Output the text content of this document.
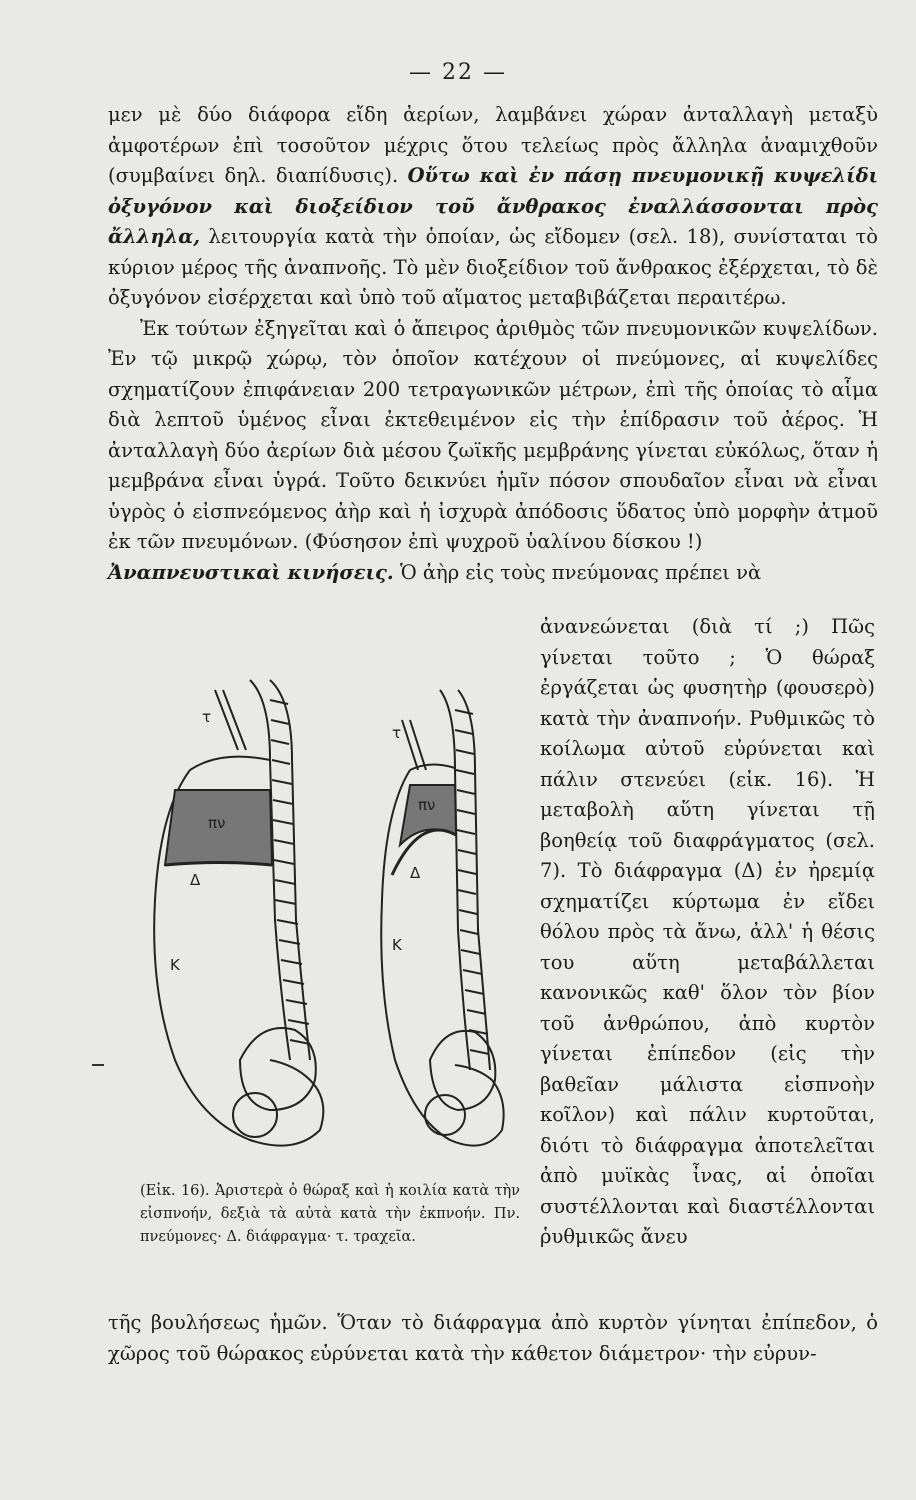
— 22 —

μεν μὲ δύο διάφορα εἴδη ἀερίων, λαμβάνει χώραν ἀνταλλαγὴ μεταξὺ ἀμφοτέρων ἐπὶ τοσοῦτον μέχρις ὅτου τελείως πρὸς ἄλληλα ἀναμιχθοῦν (συμβαίνει δηλ. διαπίδυσις). Οὕτω καὶ ἐν πάσῃ πνευμονικῇ κυψελίδι ὀξυγόνον καὶ διοξείδιον τοῦ ἄνθρακος ἐναλλάσσονται πρὸς ἄλληλα, λειτουργία κατὰ τὴν ὁποίαν, ὡς εἴδομεν (σελ. 18), συνίσταται τὸ κύριον μέρος τῆς ἀναπνοῆς. Τὸ μὲν διοξείδιον τοῦ ἄνθρακος ἐξέρχεται, τὸ δὲ ὀξυγόνον εἰσέρχεται καὶ ὑπὸ τοῦ αἵματος μεταβιβάζεται περαιτέρω.

Ἐκ τούτων ἐξηγεῖται καὶ ὁ ἄπειρος ἀριθμὸς τῶν πνευμονικῶν κυψελίδων. Ἐν τῷ μικρῷ χώρῳ, τὸν ὁποῖον κατέχουν οἱ πνεύμονες, αἱ κυψελίδες σχηματίζουν ἐπιφάνειαν 200 τετραγωνικῶν μέτρων, ἐπὶ τῆς ὁποίας τὸ αἷμα διὰ λεπτοῦ ὑμένος εἶναι ἐκτεθειμένον εἰς τὴν ἐπίδρασιν τοῦ ἀέρος. Ἡ ἀνταλλαγὴ δύο ἀερίων διὰ μέσου ζωϊκῆς μεμβράνης γίνεται εὐκόλως, ὅταν ἡ μεμβράνα εἶναι ὑγρά. Τοῦτο δεικνύει ἡμῖν πόσον σπουδαῖον εἶναι νὰ εἶναι ὑγρὸς ὁ εἰσπνεόμενος ἀὴρ καὶ ἡ ἰσχυρὰ ἀπόδοσις ὕδατος ὑπὸ μορφὴν ἀτμοῦ ἐκ τῶν πνευμόνων. (Φύσησον ἐπὶ ψυχροῦ ὑαλίνου δίσκου !)

Ἀναπνευστικαὶ κινήσεις. Ὁ ἀὴρ εἰς τοὺς πνεύμονας πρέπει νὰ

τ
πν
Δ
Κ
τ
πν
Δ
Κ
ἀνανεώνεται (διὰ τί ;) Πῶς γίνεται τοῦτο ; Ὁ θώραξ ἐργάζεται ὡς φυσητὴρ (φουσερὸ) κατὰ τὴν ἀναπνοήν. Ρυθμικῶς τὸ κοίλωμα αὐτοῦ εὐρύνεται καὶ πάλιν στενεύει (εἰκ. 16). Ἡ μεταβολὴ αὕτη γίνεται τῇ βοηθείᾳ τοῦ διαφράγματος (σελ. 7). Τὸ διάφραγμα (Δ) ἐν ἠρεμίᾳ σχηματίζει κύρτωμα ἐν εἴδει θόλου πρὸς τὰ ἄνω, ἀλλ' ἡ θέσις του αὕτη μεταβάλλεται κανονικῶς καθ' ὅλον τὸν βίον τοῦ ἀνθρώπου, ἀπὸ κυρτὸν γίνεται ἐπίπεδον (εἰς τὴν βαθεῖαν μάλιστα εἰσπνοὴν κοῖλον) καὶ πάλιν κυρτοῦται, διότι τὸ διάφραγμα ἀποτελεῖται ἀπὸ μυϊκὰς ἶνας, αἱ ὁποῖαι συστέλλονται καὶ διαστέλλονται ῥυθμικῶς ἄνευ
(Εἰκ. 16). Ἀριστερὰ ὁ θώραξ καὶ ἡ κοιλία κατὰ τὴν εἰσπνοήν, δεξιὰ τὰ αὐτὰ κατὰ τὴν ἐκπνοήν. Πν. πνεύμονες· Δ. διάφραγμα· τ. τραχεῖα.

τῆς βουλήσεως ἡμῶν. Ὅταν τὸ διάφραγμα ἀπὸ κυρτὸν γίνηται ἐπίπεδον, ὁ χῶρος τοῦ θώρακος εὐρύνεται κατὰ τὴν κάθετον διάμετρον· τὴν εὐρυν-
